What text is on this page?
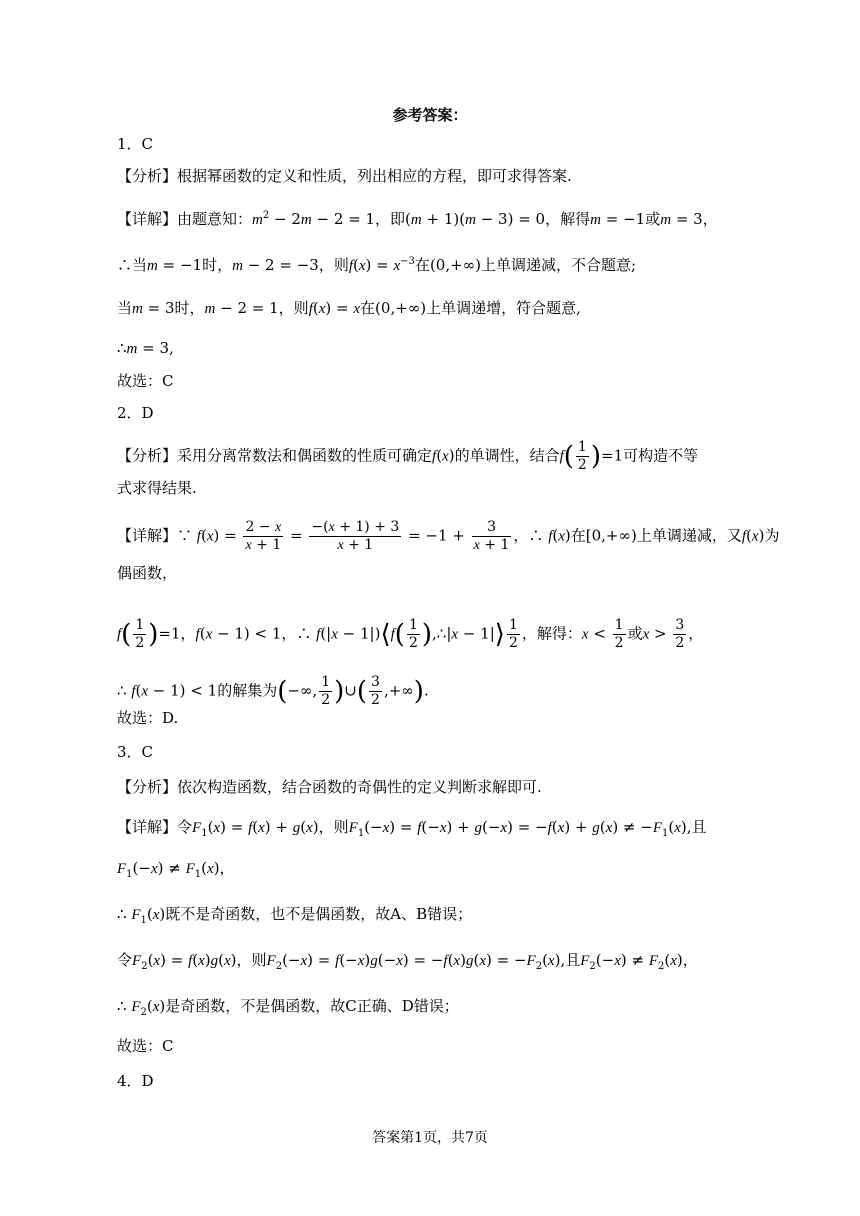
参考答案：
1．C
【分析】根据幂函数的定义和性质，列出相应的方程，即可求得答案.
【详解】由题意知：$m^2 - 2m - 2 = 1$，即(m + 1)(m − 3) = 0，解得m = −1或m = 3，
∴当m = −1时，m − 2 = −3，则$f(x) = x^{-3}$在(0,+∞)上单调递减，不合题意;
当m = 3时，m − 2 = 1，则f(x) = x在(0,+∞)上单调递增，符合题意,
∴m = 3,
故选：C
2．D
【分析】采用分离常数法和偶函数的性质可确定f(x)的单调性，结合$f( \frac{1}{2} )=1$可构造不等
式求得结果.
【详解】∵ $f(x) = \frac{2 - x}{x + 1} = \frac{-(x + 1) + 3}{x + 1} = -1 + \frac{3}{x + 1}$ ，∴ f(x)在[0,+∞)上单调递减，又f(x)为
偶函数，
$f( \frac{1}{2} )=1$，f(x − 1) < 1，∴ f(|x − 1|)⟨f( $\frac{1}{2}$ ),∴|x − 1|⟩ $\frac{1}{2}$ ，解得：$x < \frac{1}{2}$ 或$x > \frac{3}{2}$ ，
∴ f(x − 1) < 1的解集为(−∞, $\frac{1}{2}$ )∪( $\frac{3}{2}$ ,+∞).
故选：D.
3．C
【分析】依次构造函数，结合函数的奇偶性的定义判断求解即可.
【详解】令$F_1(x) = f(x) + g(x)$，则$F_1(-x) = f(-x) + g(-x) = -f(x) + g(x) \ne -F_1(x)$,且
$F_1(-x) \ne F_1(x)$，
∴ $F_1(x)$既不是奇函数，也不是偶函数，故A、B错误；
令$F_2(x) = f(x)g(x)$，则$F_2(-x) = f(-x)g(-x) = -f(x)g(x) = -F_2(x)$,且$F_2(-x) \ne F_2(x)$，
∴ $F_2(x)$是奇函数，不是偶函数，故C正确、D错误；
故选：C
4．D
答案第1页，共7页
